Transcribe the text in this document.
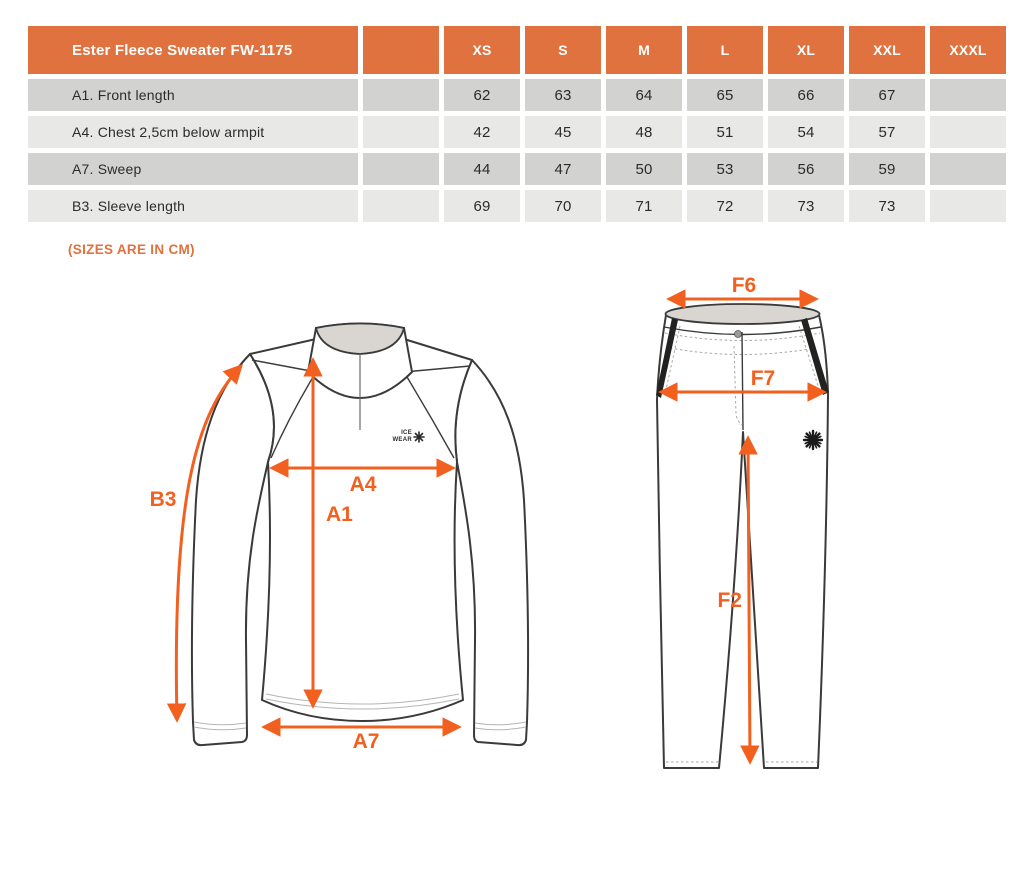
Ester Fleece Sweater FW-1175	XS	S	M	L	XL	XXL	XXXL
A1. Front length	62	63	64	65	66	67
A4. Chest 2,5cm below armpit	42	45	48	51	54	57
A7. Sweep	44	47	50	53	56	59
B3. Sleeve length	69	70	71	72	73	73
(SIZES ARE IN CM)
ICE
WEAR
B3
A4
A1
A7
F6
F7
F2
